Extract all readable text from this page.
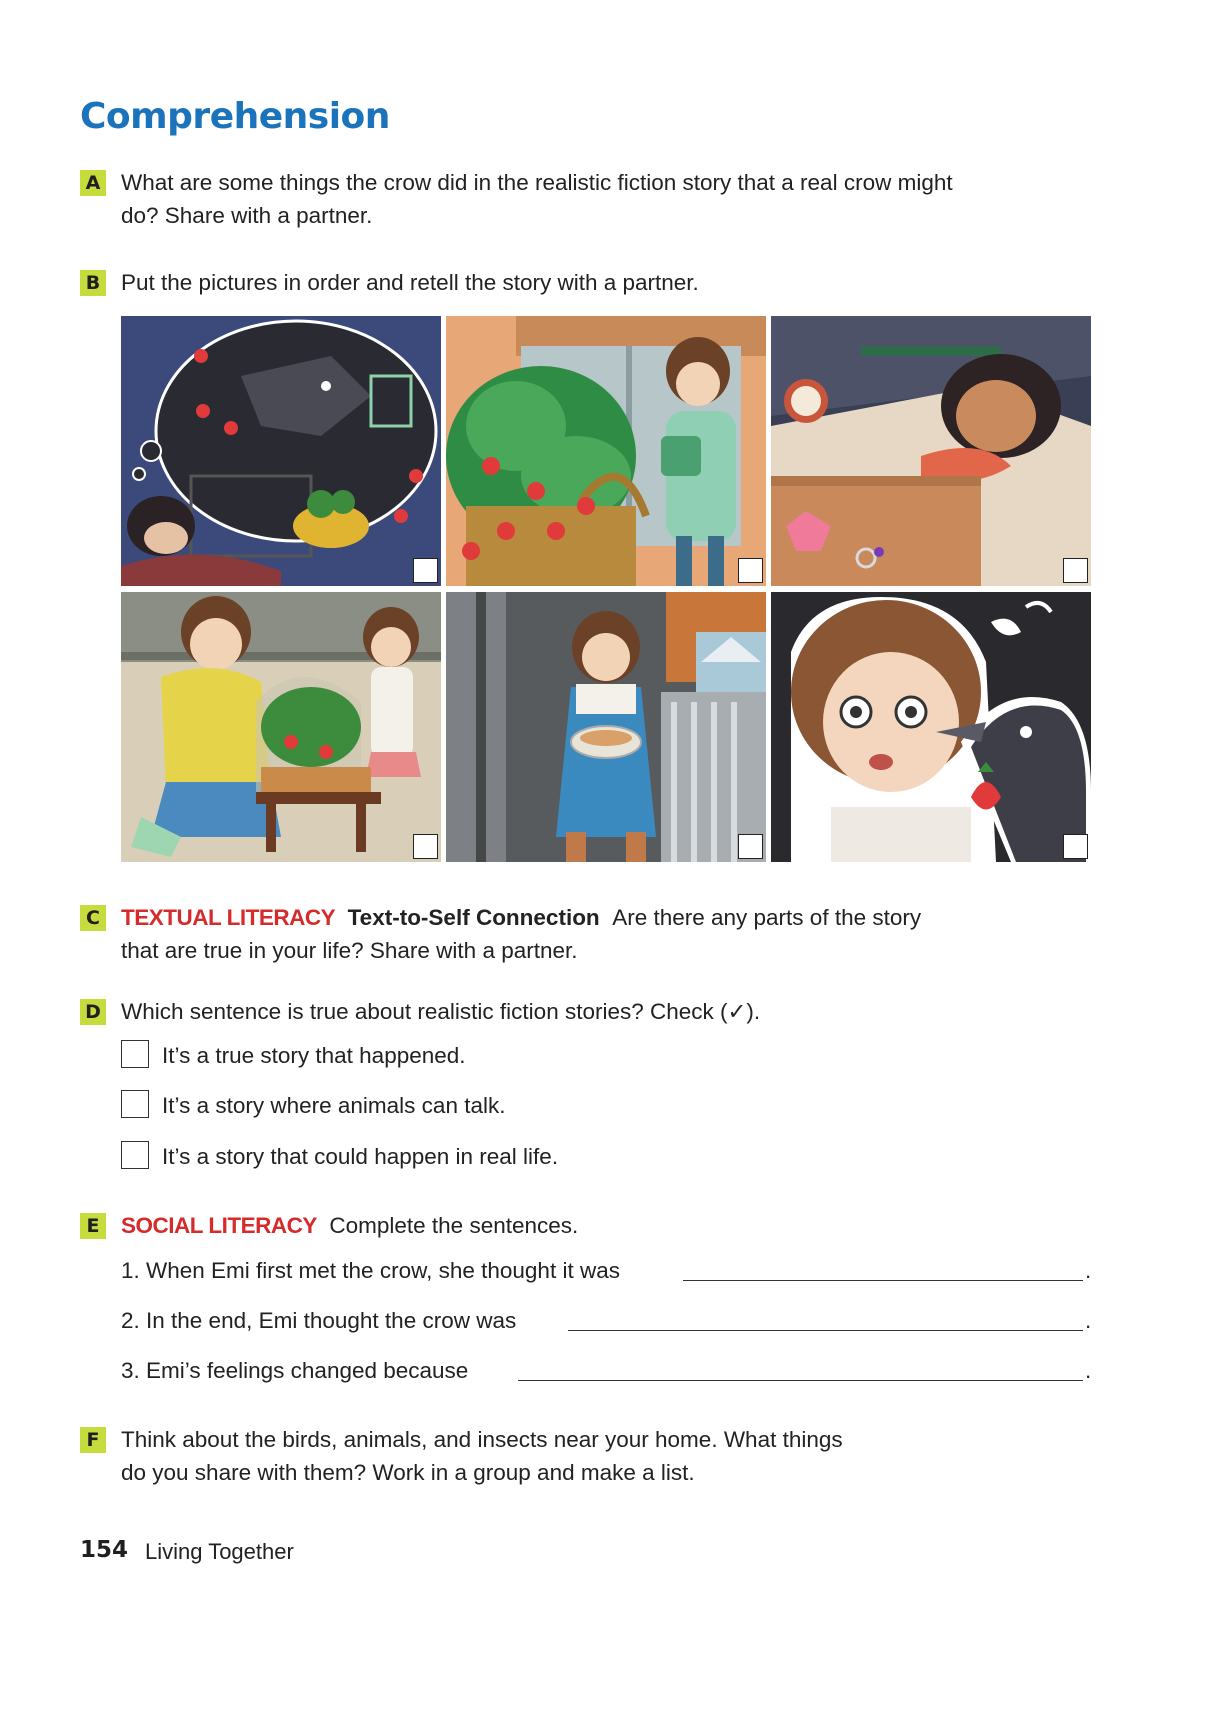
Comprehension
A What are some things the crow did in the realistic fiction story that a real crow might
do? Share with a partner.
B Put the pictures in order and retell the story with a partner.
C TEXTUAL LITERACY Text-to-Self Connection Are there any parts of the story
that are true in your life? Share with a partner.
D Which sentence is true about realistic fiction stories? Check (✓).
It’s a true story that happened.
It’s a story where animals can talk.
It’s a story that could happen in real life.
E SOCIAL LITERACY Complete the sentences.
1. When Emi first met the crow, she thought it was	.
2. In the end, Emi thought the crow was	.
3. Emi’s feelings changed because	.
F Think about the birds, animals, and insects near your home. What things
do you share with them? Work in a group and make a list.
154 Living Together
